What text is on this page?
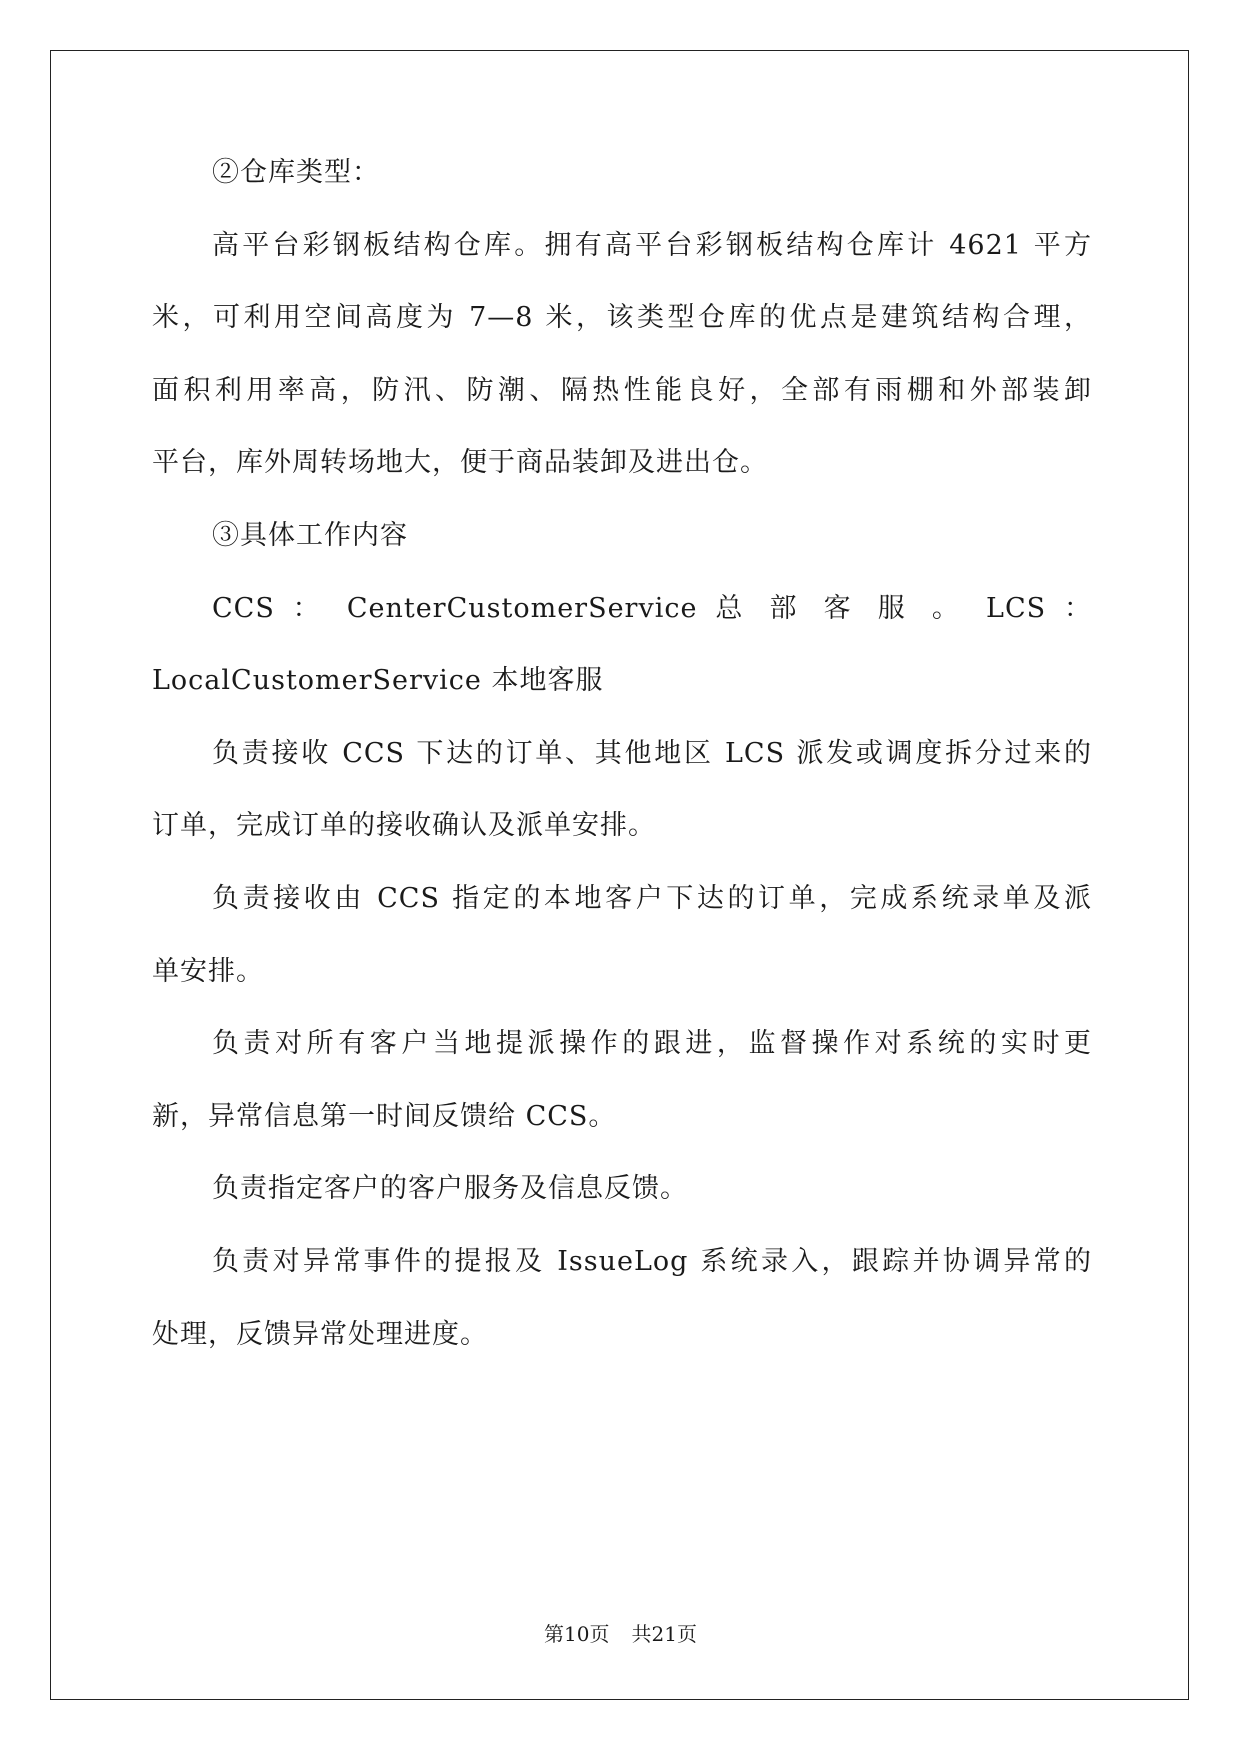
②仓库类型：
高平台彩钢板结构仓库。拥有高平台彩钢板结构仓库计 4621 平方
米，可利用空间高度为 7—8 米，该类型仓库的优点是建筑结构合理，
面积利用率高，防汛、防潮、隔热性能良好，全部有雨棚和外部装卸
平台，库外周转场地大，便于商品装卸及进出仓。
③具体工作内容
CCS ： CenterCustomerService 总 部 客 服 。 LCS ：
LocalCustomerService 本地客服
负责接收 CCS 下达的订单、其他地区 LCS 派发或调度拆分过来的
订单，完成订单的接收确认及派单安排。
负责接收由 CCS 指定的本地客户下达的订单，完成系统录单及派
单安排。
负责对所有客户当地提派操作的跟进，监督操作对系统的实时更
新，异常信息第一时间反馈给 CCS。
负责指定客户的客户服务及信息反馈。
负责对异常事件的提报及 IssueLog 系统录入，跟踪并协调异常的
处理，反馈异常处理进度。
第10页 共21页
